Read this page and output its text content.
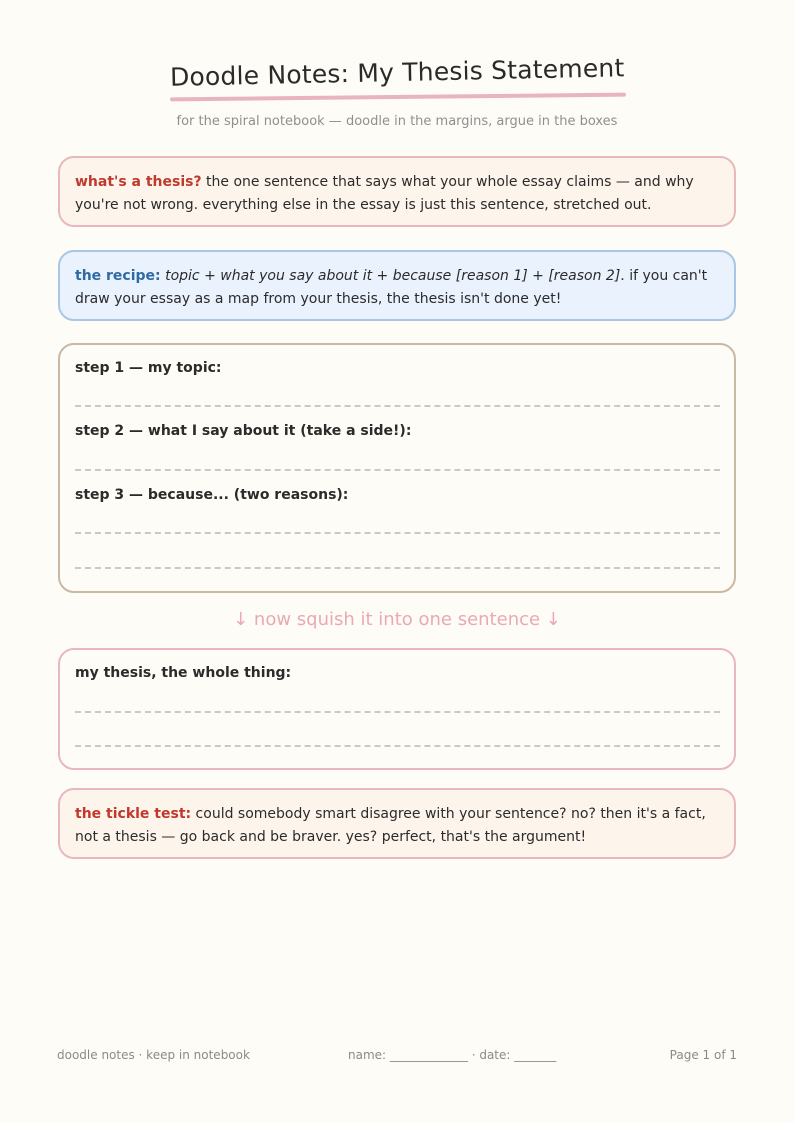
Doodle Notes: My Thesis Statement
for the spiral notebook — doodle in the margins, argue in the boxes
what's a thesis? the one sentence that says what your whole essay claims — and why you're not wrong. everything else in the essay is just this sentence, stretched out.
the recipe: topic + what you say about it + because [reason 1] + [reason 2]. if you can't draw your essay as a map from your thesis, the thesis isn't done yet!
step 1 — my topic:
step 2 — what I say about it (take a side!):
step 3 — because... (two reasons):
↓ now squish it into one sentence ↓
my thesis, the whole thing:
the tickle test: could somebody smart disagree with your sentence? no? then it's a fact, not a thesis — go back and be braver. yes? perfect, that's the argument!
doodle notes · keep in notebook	name: _____________ · date: _______	Page 1 of 1
